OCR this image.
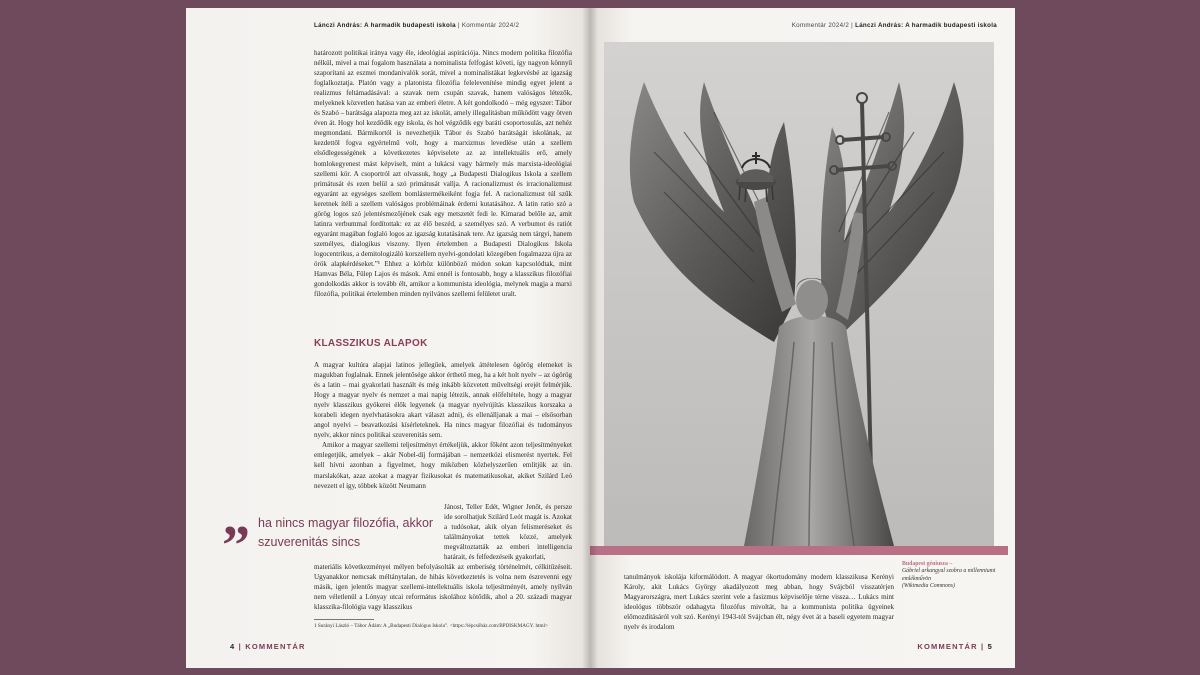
Lánczi András: A harmadik budapesti iskola | Kommentár 2024/2

határozott politikai iránya vagy éle, ideológiai aspirációja. Nincs modern politika filozófia nélkül, mivel a mai fogalom használata a nominalista felfogást követi, így nagyon könnyű szaporítani az eszmei mondanivalók sorát, mivel a nominalistákat legkevésbé az igazság foglalkoztatja. Platón vagy a platonista filozófia felelevenítése mindig egyet jelent a realizmus feltámadásával: a szavak nem csupán szavak, hanem valóságos létezők, melyeknek közvetlen hatása van az emberi életre. A két gondolkodó – még egyszer: Tábor és Szabó – barátsága alapozta meg azt az iskolát, amely illegalitásban működött vagy ötven éven át. Hogy hol kezdődik egy iskola, és hol végződik egy baráti csoportosulás, azt nehéz megmondani. Bármikortól is nevezhetjük Tábor és Szabó barátságát iskolának, az kezdettől fogva egyértelmű volt, hogy a marxizmus levedlése után a szellem elsődlegességének a következetes képviselete az az intellektuális erő, amely homlokegyenest mást képviselt, mint a lukácsi vagy bármely más marxista-ideológiai szellemi kör. A csoportról azt olvassuk, hogy „a Budapesti Dialogikus Iskola a szellem primátusát és ezen belül a szó primátusát vallja. A racionalizmust és irracionalizmust egyaránt az egységes szellem bomlástermékeiként fogja fel. A racionalizmust túl szűk keretnek ítéli a szellem valóságos problémáinak érdemi kutatásához. A latin ratio szó a görög logos szó jelentésmezőjének csak egy metszetét fedi le. Kimarad belőle az, amit latinra verbummal fordítottak: ez az élő beszéd, a személyes szó. A verbumot és ratiót egyaránt magában foglaló logos az igazság kutatásának tere. Az igazság nem tárgyi, hanem személyes, dialogikus viszony. Ilyen értelemben a Budapesti Dialogikus Iskola logocentrikus, a demitologizáló korszellem nyelvi-gondolati közegében fogalmazza újra az örök alapkérdéseket.”¹ Ehhez a körhöz különböző módon sokan kapcsolódtak, mint Hamvas Béla, Fülep Lajos és mások. Ami ennél is fontosabb, hogy a klasszikus filozófiai gondolkodás akkor is tovább élt, amikor a kommunista ideológia, melynek magja a marxi filozófia, politikai értelemben minden nyilvános szellemi felületet uralt.

KLASSZIKUS ALAPOK

A magyar kultúra alapjai latinos jellegűek, amelyek áttételesen ögörög elemeket is magukban foglalnak. Ennek jelentősége akkor érthető meg, ha a két holt nyelv – az ógörög és a latin – mai gyakorlati használt és még inkább közvetett műveltségi erejét felmérjük. Hogy a magyar nyelv és nemzet a mai napig létezik, annak előfeltétele, hogy a magyar nyelv klasszikus gyökerei élők legyenek (a magyar nyelvújítás klasszikus korszaka a korabeli idegen nyelvhatásokra akart választ adni), és ellenálljanak a mai – elsősorban angol nyelvi – beavatkozási kísérleteknek. Ha nincs magyar filozófiai és tudományos nyelv, akkor nincs politikai szuverenitás sem.

Amikor a magyar szellemi teljesítményt értékeljük, akkor főként azon teljesítményeket emlegetjük, amelyek – akár Nobel-díj formájában – nemzetközi elismerést nyertek. Fel kell hívni azonban a figyelmet, hogy miközben közhelyszerűen említjük az ún. marslakókat, azaz azokat a magyar fizikusokat és matematikusokat, akiket Szilárd Leó nevezett el így, többek között Neumann

Jánost, Teller Edét, Wigner Jenőt, és persze ide sorolhatjuk Szilárd Leót magát is. Azokat a tudósokat, akik olyan felismeréseket és találmányokat tettek közzé, amelyek megváltoztatták az emberi intelligencia határait, és felfedezéseik gyakorlati,

” ha nincs magyar filozófia, akkor szuverenitás sincs

materiális következményei mélyen befolyásolták az emberiség történelmét, célkitűzéseit. Ugyanakkor nemcsak méltánytalan, de hibás következtetés is volna nem észrevenni egy másik, igen jelentős magyar szellemi-intellektuális iskola teljesítményét, amely nyílván nem véletlenül a Lónyay utcai református iskolához kötődik, ahol a 20. századi magyar klasszika-filológia vagy klasszikus

1 Surányi László – Tábor Ádám: A „Budapesti Dialógus Iskola”. <https://lépcsőház.com/BPDISKMAGY. html>
4 | KOMMENTÁR
Kommentár 2024/2 | Lánczi András: A harmadik budapesti iskola
Budapest géniusza –
Gábriel arkangyal szobra a millenniumi emlékművön
(Wikimedia Commons)

tanulmányok iskolája kiformálódott. A magyar ókortudomány modern klasszikusa Kerényi Károly, akit Lukács György akadályozott meg abban, hogy Svájcból visszatérjen Magyarországra, mert Lukács szerint vele a fasizmus képviselője térne vissza… Lukács mint ideológus többször odahagyta filozófus mivoltát, ha a kommunista politika ügyeinek előmozdításáról volt szó. Kerényi 1943-tól Svájcban élt, négy évet át a baseli egyetem magyar nyelv és irodalom

KOMMENTÁR | 5
